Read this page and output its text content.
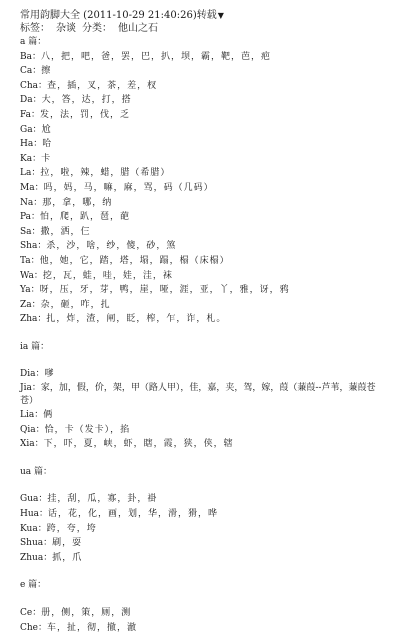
常用韵脚大全 (2011-10-29 21:40:26)转载▼
标签： 杂谈 分类： 他山之石
a 篇：
Ba：八，把，吧，爸，罢，巴，扒，坝，霸，靶，芭，疤
Ca：擦
Cha：查，插，叉，茶，差，杈
Da：大，答，达，打，搭
Fa：发，法，罚，伐，乏
Ga：尬
Ha：哈
Ka：卡
La：拉，啦，辣，蜡，腊（希腊）
Ma：吗，妈，马，嘛，麻，骂，码（几码）
Na：那，拿，哪，纳
Pa：怕，爬，趴，琶，葩
Sa：撒，洒，仨
Sha：杀，沙，啥，纱，傻，砂，煞
Ta：他，她，它，踏，塔，塌，蹋，榻（床榻）
Wa：挖，瓦，蛙，哇，娃，洼，袜
Ya：呀，压，牙，芽，鸭，崖，哑，涯，亚，丫，雅，讶，鸦
Za：杂，砸，咋，扎
Zha：扎，炸，渣，闸，眨，榨，乍，诈，札。
ia 篇：
Dia：嗲
Jia：家，加，假，价，架，甲（路人甲），佳，嘉，夹，驾，嫁，葭（蒹葭--芦苇，蒹葭苍苍）
Lia：俩
Qia：恰，卡（发卡），掐
Xia：下，吓，夏，峡，虾，瞎，霞，狭，侠，辖
ua 篇：
Gua：挂，刮，瓜，寡，卦，褂
Hua：话，花，化，画，划，华，滑，猾，哗
Kua：跨，夸，垮
Shua：刷，耍
Zhua：抓，爪
e 篇：
Ce：册，侧，策，厕，测
Che：车，扯，彻，撤，澈
